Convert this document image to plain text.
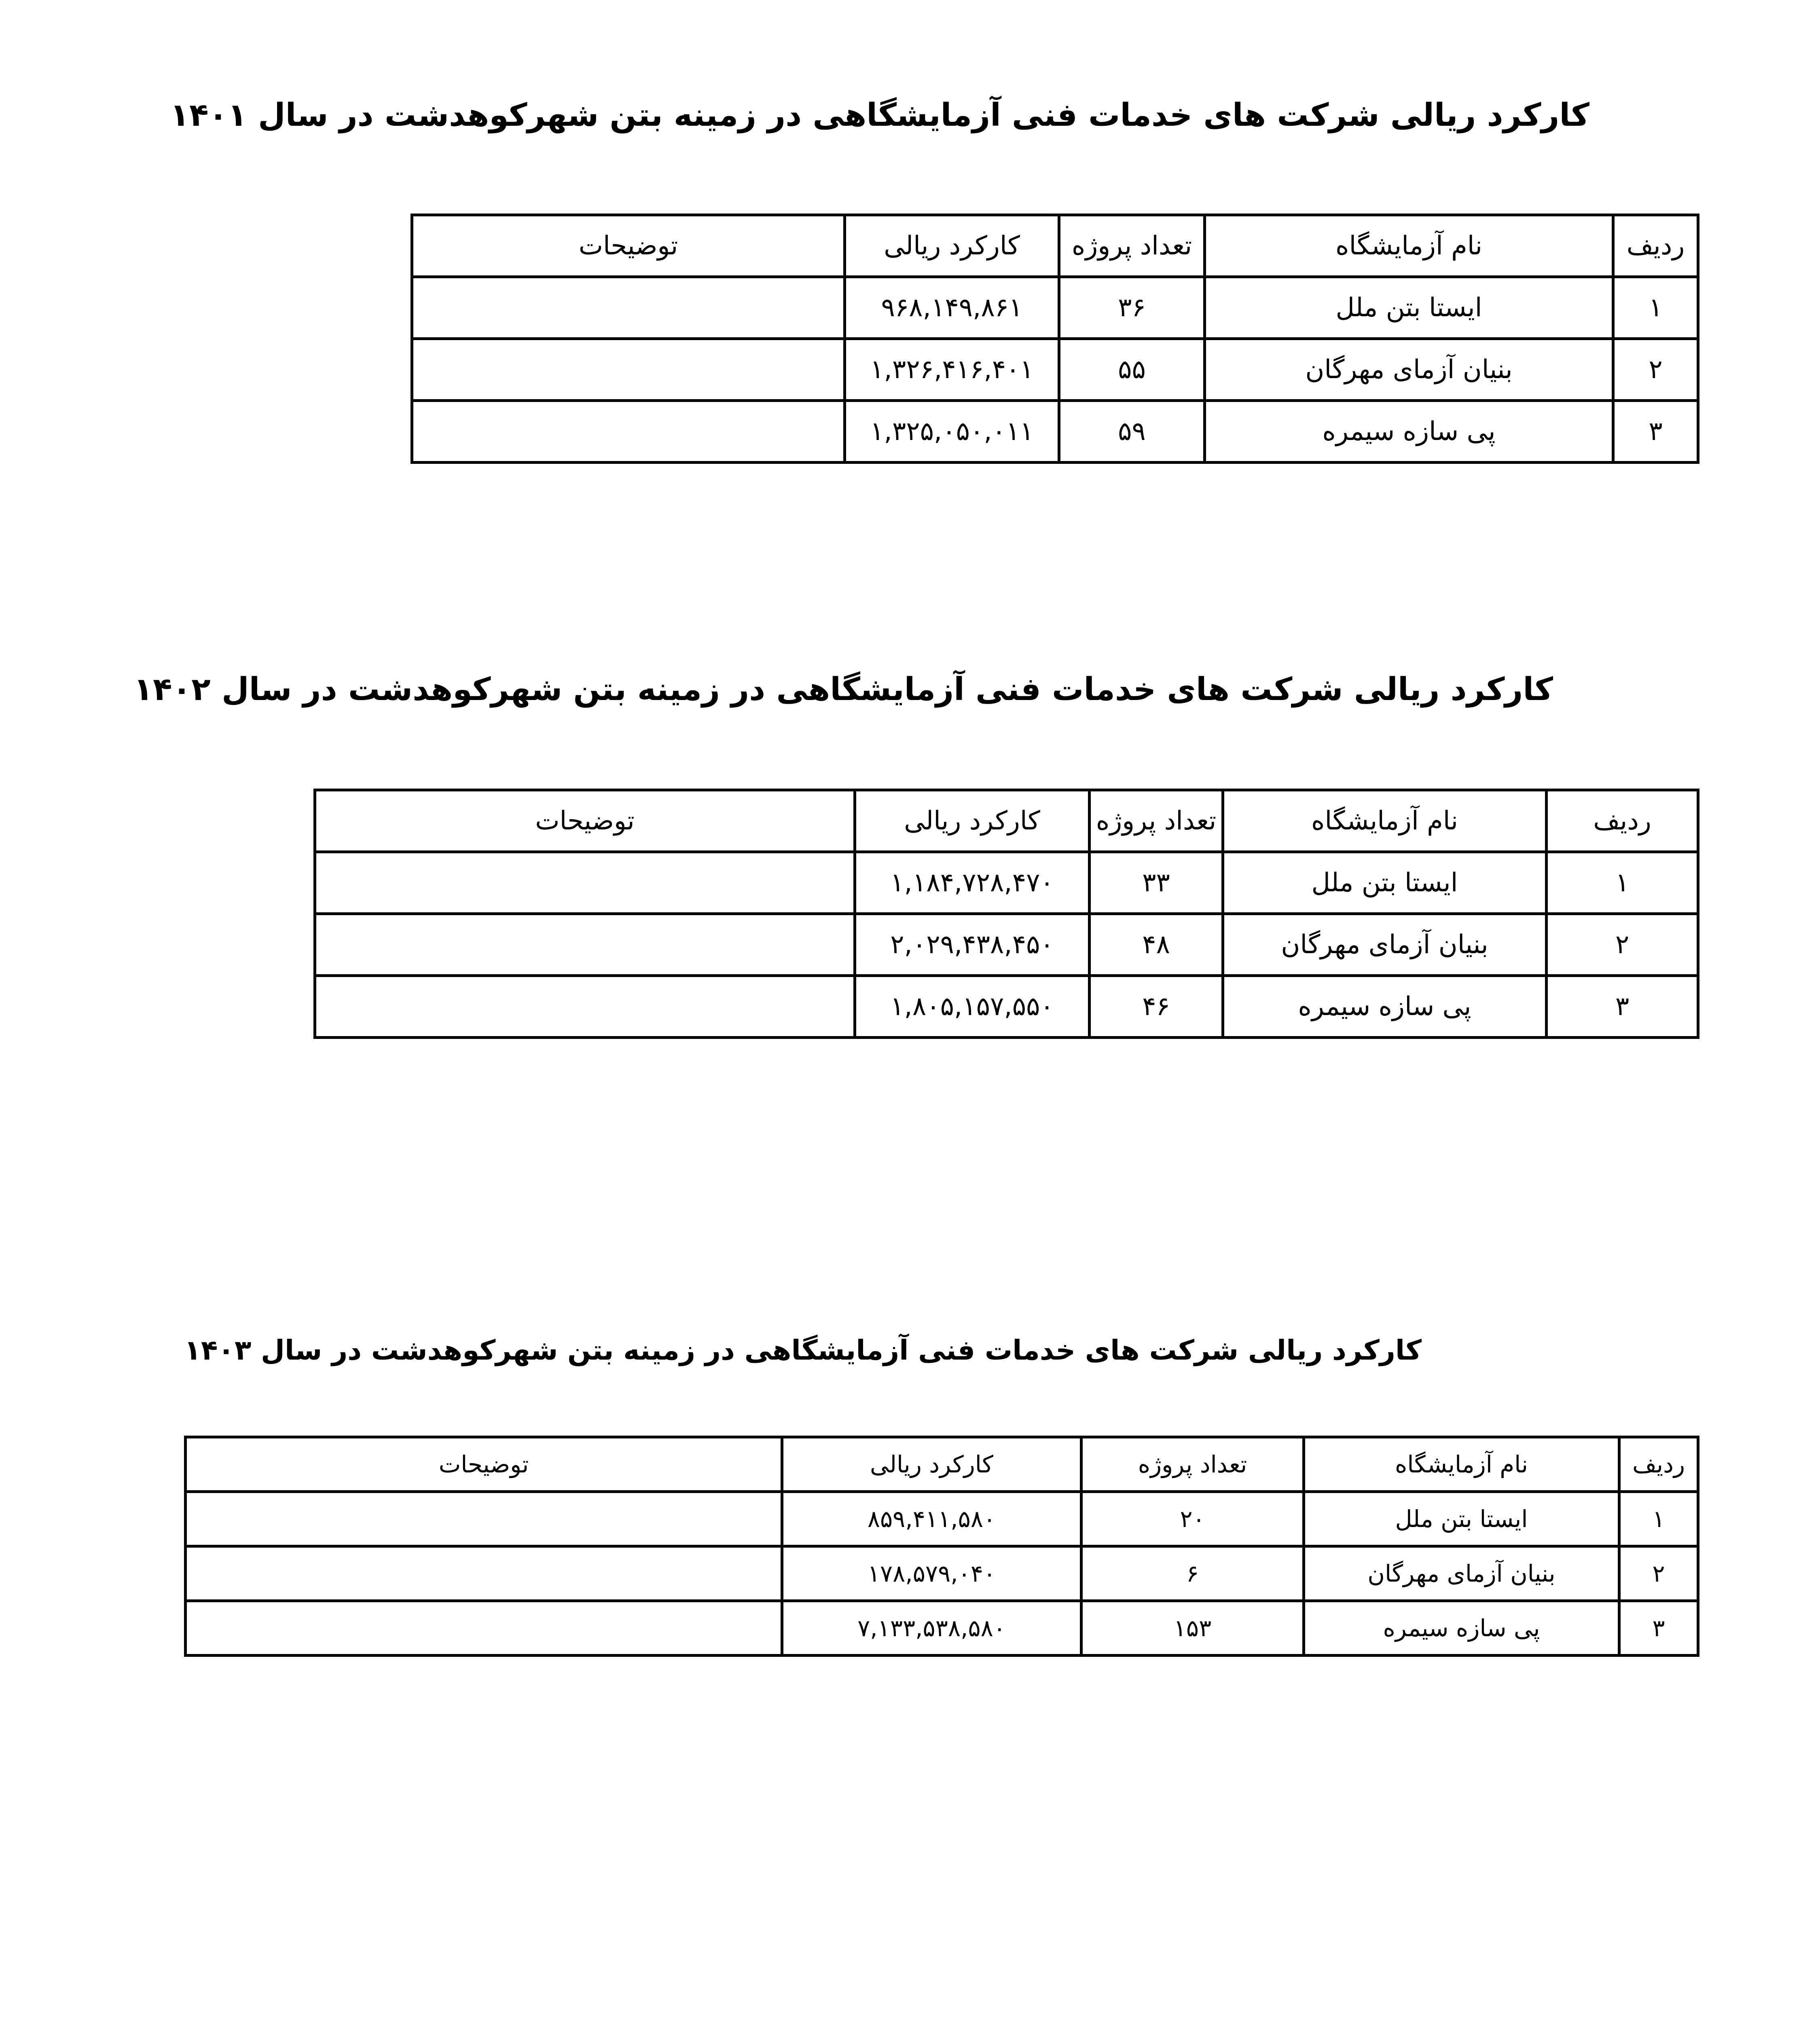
کارکرد ریالی شرکت های خدمات فنی آزمایشگاهی در زمینه بتن شهرکوهدشت در سال ۱۴۰۱
ردیف	نام آزمایشگاه	تعداد پروژه	کارکرد ریالی	توضیحات
۱	ایستا بتن ملل	۳۶	۹۶۸,۱۴۹,۸۶۱	
۲	بنیان آزمای مهرگان	۵۵	۱,۳۲۶,۴۱۶,۴۰۱	
۳	پی سازه سیمره	۵۹	۱,۳۲۵,۰۵۰,۰۱۱	
کارکرد ریالی شرکت های خدمات فنی آزمایشگاهی در زمینه بتن شهرکوهدشت در سال ۱۴۰۲
ردیف	نام آزمایشگاه	تعداد پروژه	کارکرد ریالی	توضیحات
۱	ایستا بتن ملل	۳۳	۱,۱۸۴,۷۲۸,۴۷۰	
۲	بنیان آزمای مهرگان	۴۸	۲,۰۲۹,۴۳۸,۴۵۰	
۳	پی سازه سیمره	۴۶	۱,۸۰۵,۱۵۷,۵۵۰	
کارکرد ریالی شرکت های خدمات فنی آزمایشگاهی در زمینه بتن شهرکوهدشت در سال ۱۴۰۳
ردیف	نام آزمایشگاه	تعداد پروژه	کارکرد ریالی	توضیحات
۱	ایستا بتن ملل	۲۰	۸۵۹,۴۱۱,۵۸۰	
۲	بنیان آزمای مهرگان	۶	۱۷۸,۵۷۹,۰۴۰	
۳	پی سازه سیمره	۱۵۳	۷,۱۳۳,۵۳۸,۵۸۰	
